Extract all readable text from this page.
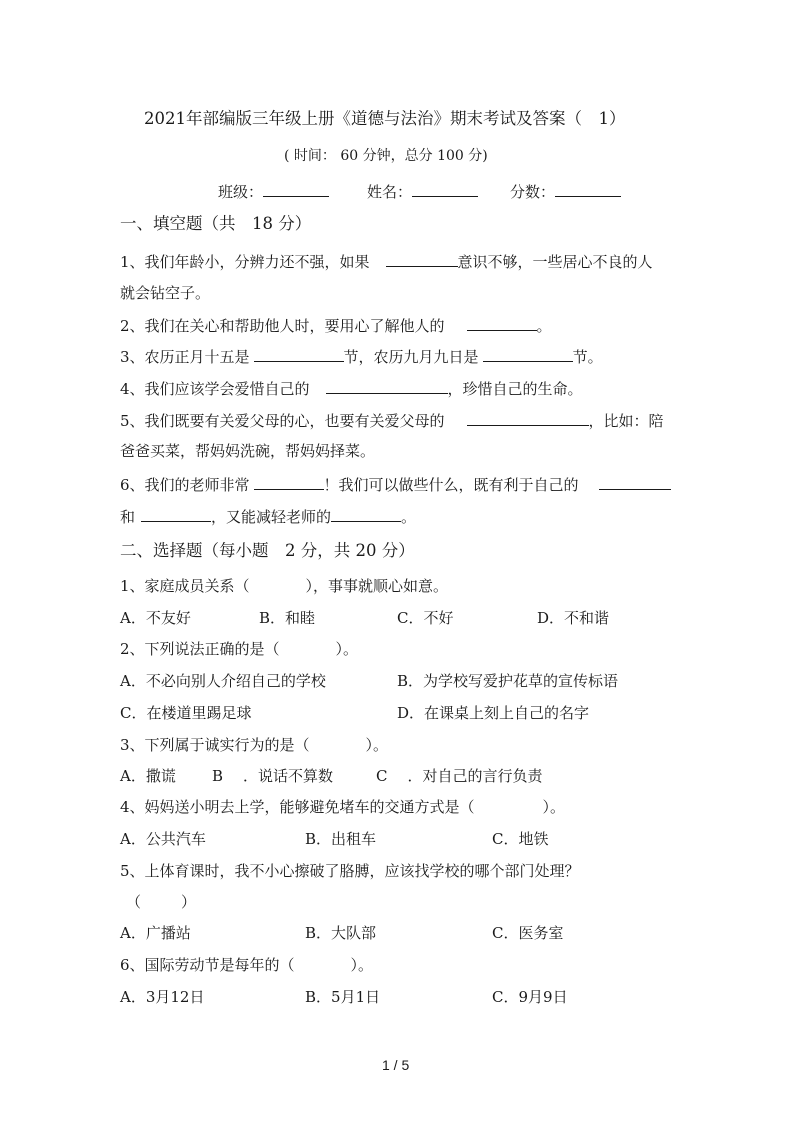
2021年部编版三年级上册《道德与法治》期末考试及答案（　1）
( 时间： 60 分钟，总分 100 分)
班级：	姓名：	分数：
一、填空题（共　18 分）
1、我们年龄小，分辨力还不强，如果	意识不够，一些居心不良的人
就会钻空子。
2、我们在关心和帮助他人时，要用心了解他人的	。
3、农历正月十五是	节，农历九月九日是	节。
4、我们应该学会爱惜自己的	，珍惜自己的生命。
5、我们既要有关爱父母的心，也要有关爱父母的	，比如：陪
爸爸买菜，帮妈妈洗碗，帮妈妈择菜。
6、我们的老师非常	！我们可以做些什么，既有利于自己的
和	，又能减轻老师的	。
二、选择题（每小题　2 分，共 20 分）
1、家庭成员关系（	），事事就顺心如意。
A．不友好	B．和睦	C．不好	D．不和谐
2、下列说法正确的是（	）。
A．不必向别人介绍自己的学校	B．为学校写爱护花草的宣传标语
C．在楼道里踢足球	D．在课桌上刻上自己的名字
3、下列属于诚实行为的是（	）。
A．撒谎 B ．说话不算数	C ．对自己的言行负责
4、妈妈送小明去上学，能够避免堵车的交通方式是（	）。
A．公共汽车	B．出租车	C．地铁
5、上体育课时，我不小心擦破了胳膊，应该找学校的哪个部门处理？
（	）
A．广播站	B．大队部	C．医务室
6、国际劳动节是每年的（	）。
A．3月12日	B．5月1日	C．9月9日
1 / 5
